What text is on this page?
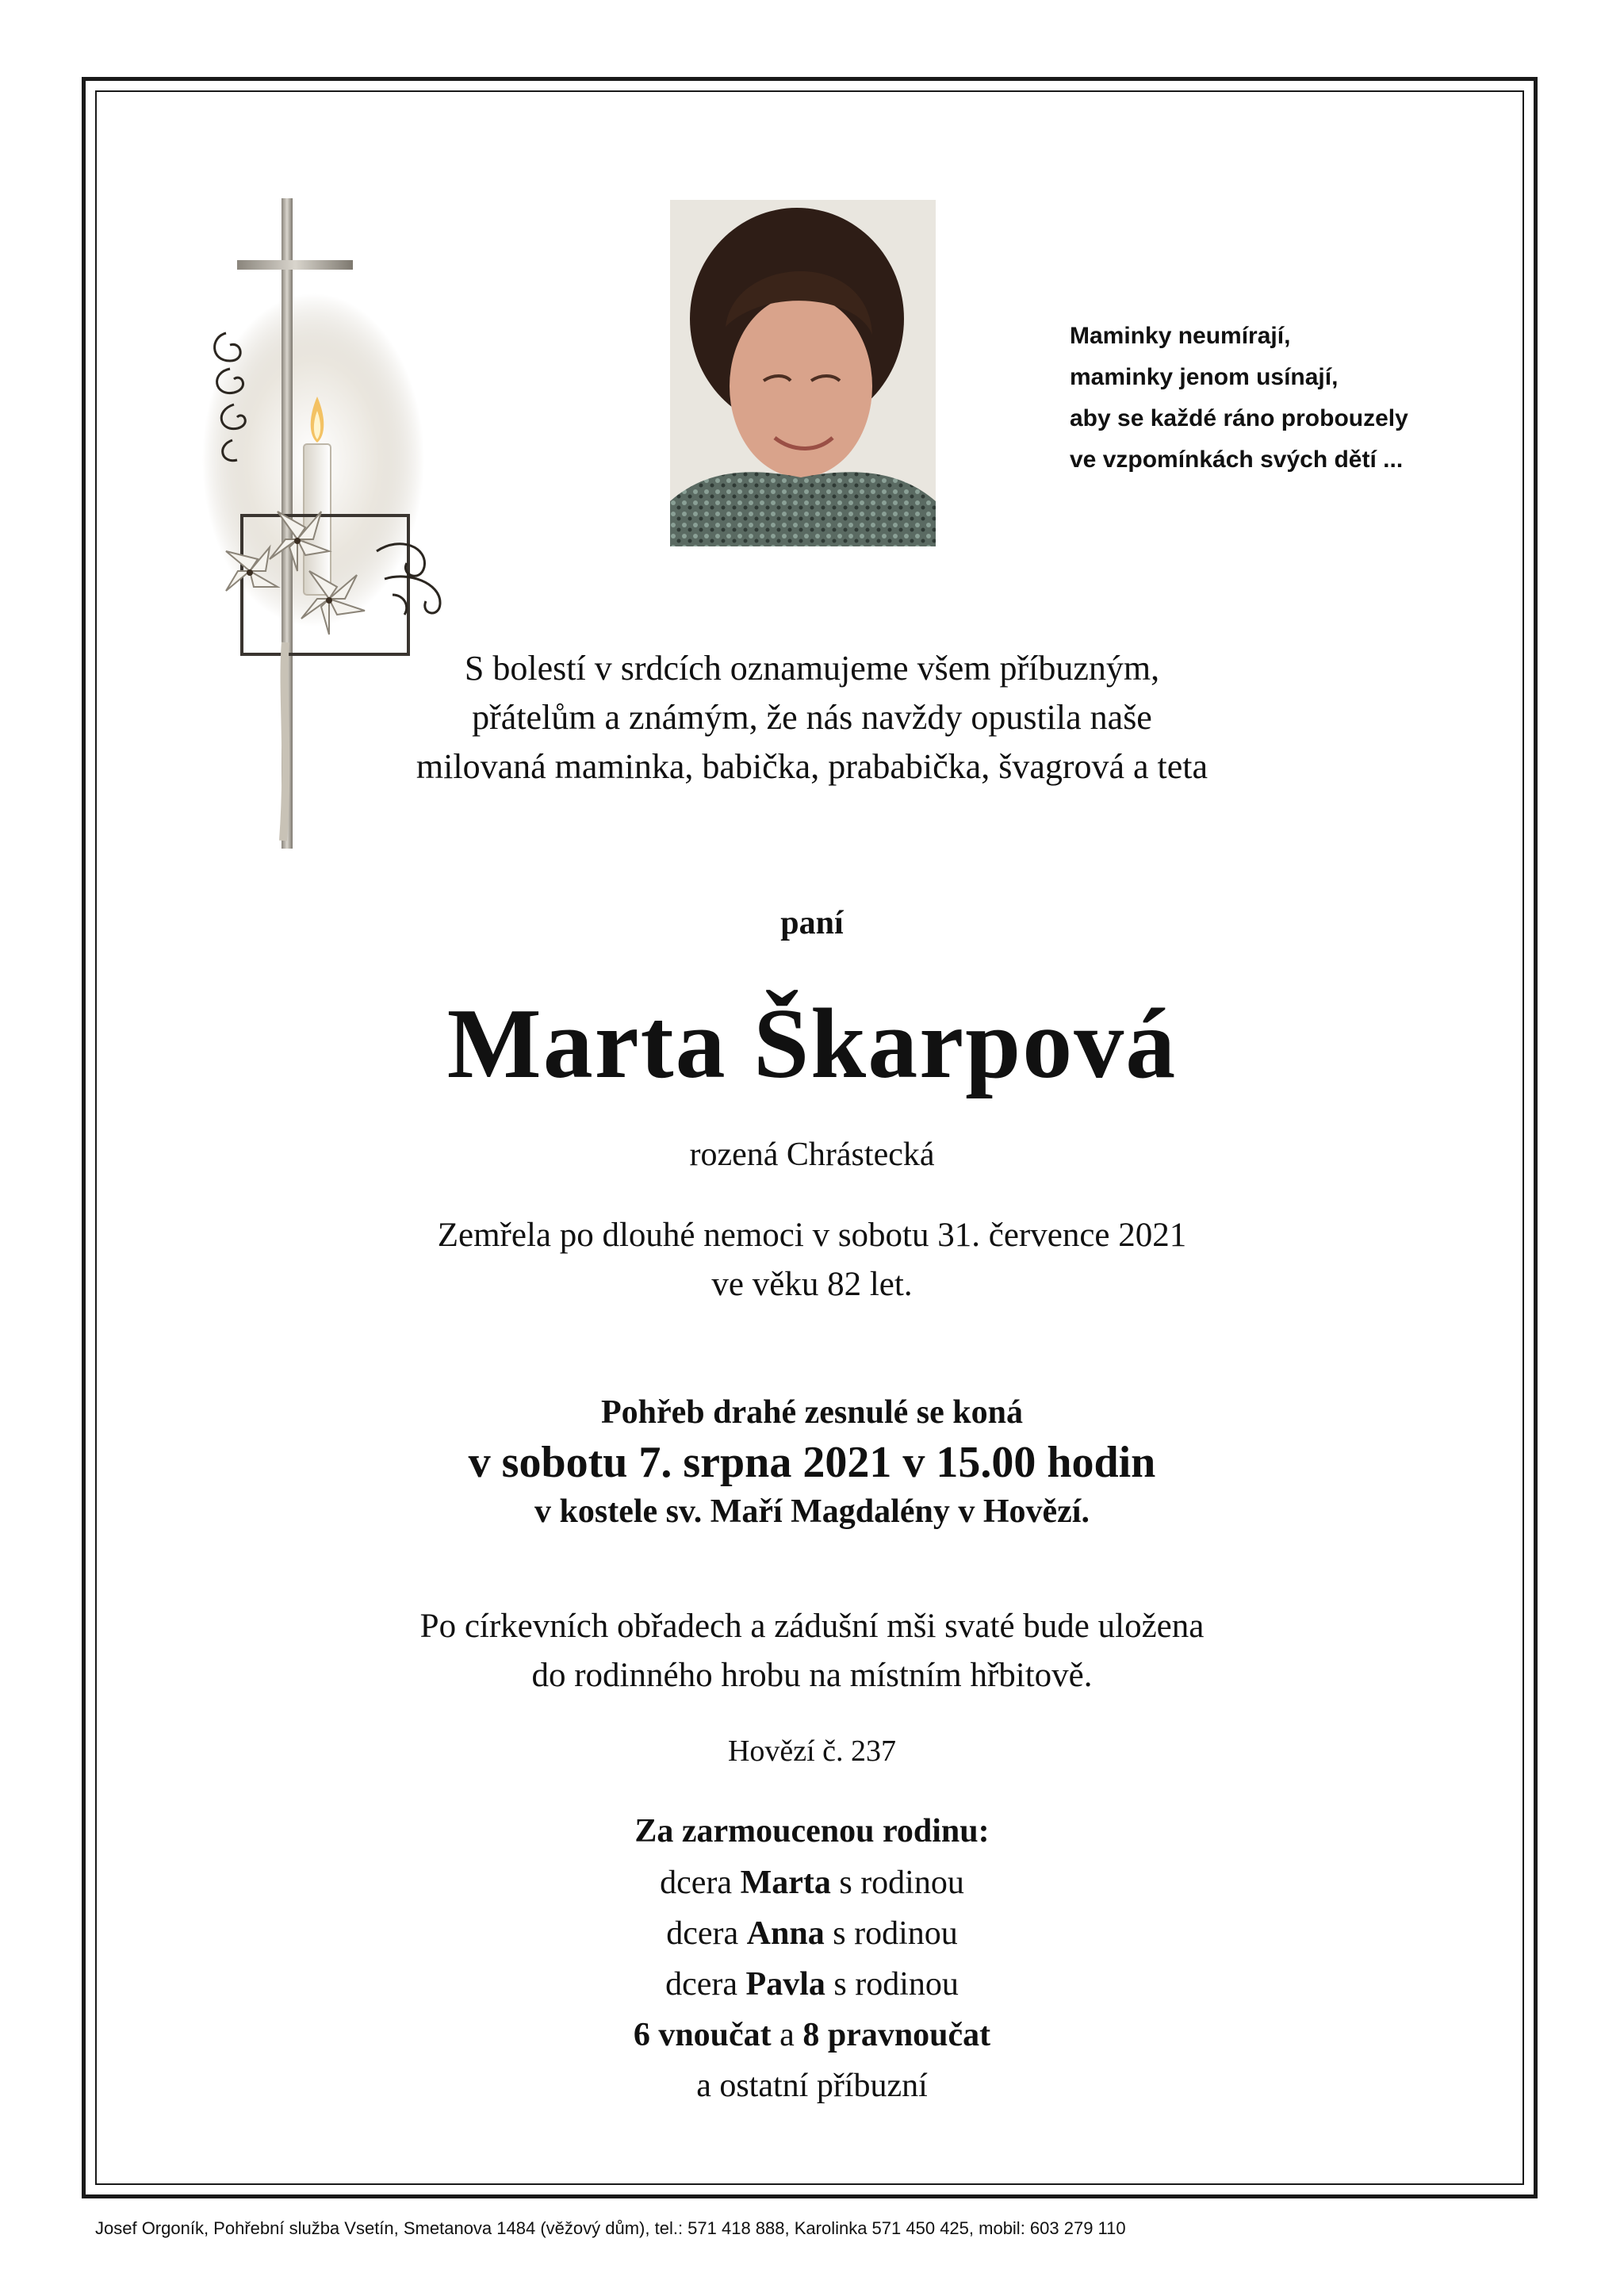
Maminky neumírají,
maminky jenom usínají,
aby se každé ráno probouzely
ve vzpomínkách svých dětí ...
S bolestí v srdcích oznamujeme všem příbuzným,
přátelům a známým, že nás navždy opustila naše
milovaná maminka, babička, prababička, švagrová a teta
paní
Marta Škarpová
rozená Chrástecká
Zemřela po dlouhé nemoci v sobotu 31. července 2021
ve věku 82 let.
Pohřeb drahé zesnulé se koná
v sobotu 7. srpna 2021 v 15.00 hodin
v kostele sv. Maří Magdalény v Hovězí.
Po církevních obřadech a zádušní mši svaté bude uložena
do rodinného hrobu na místním hřbitově.
Hovězí č. 237
Za zarmoucenou rodinu:
dcera Marta s rodinou
dcera Anna s rodinou
dcera Pavla s rodinou
6 vnoučat a 8 pravnoučat
a ostatní příbuzní
Josef Orgoník, Pohřební služba Vsetín, Smetanova 1484 (věžový dům), tel.: 571 418 888, Karolinka 571 450 425, mobil: 603 279 110
